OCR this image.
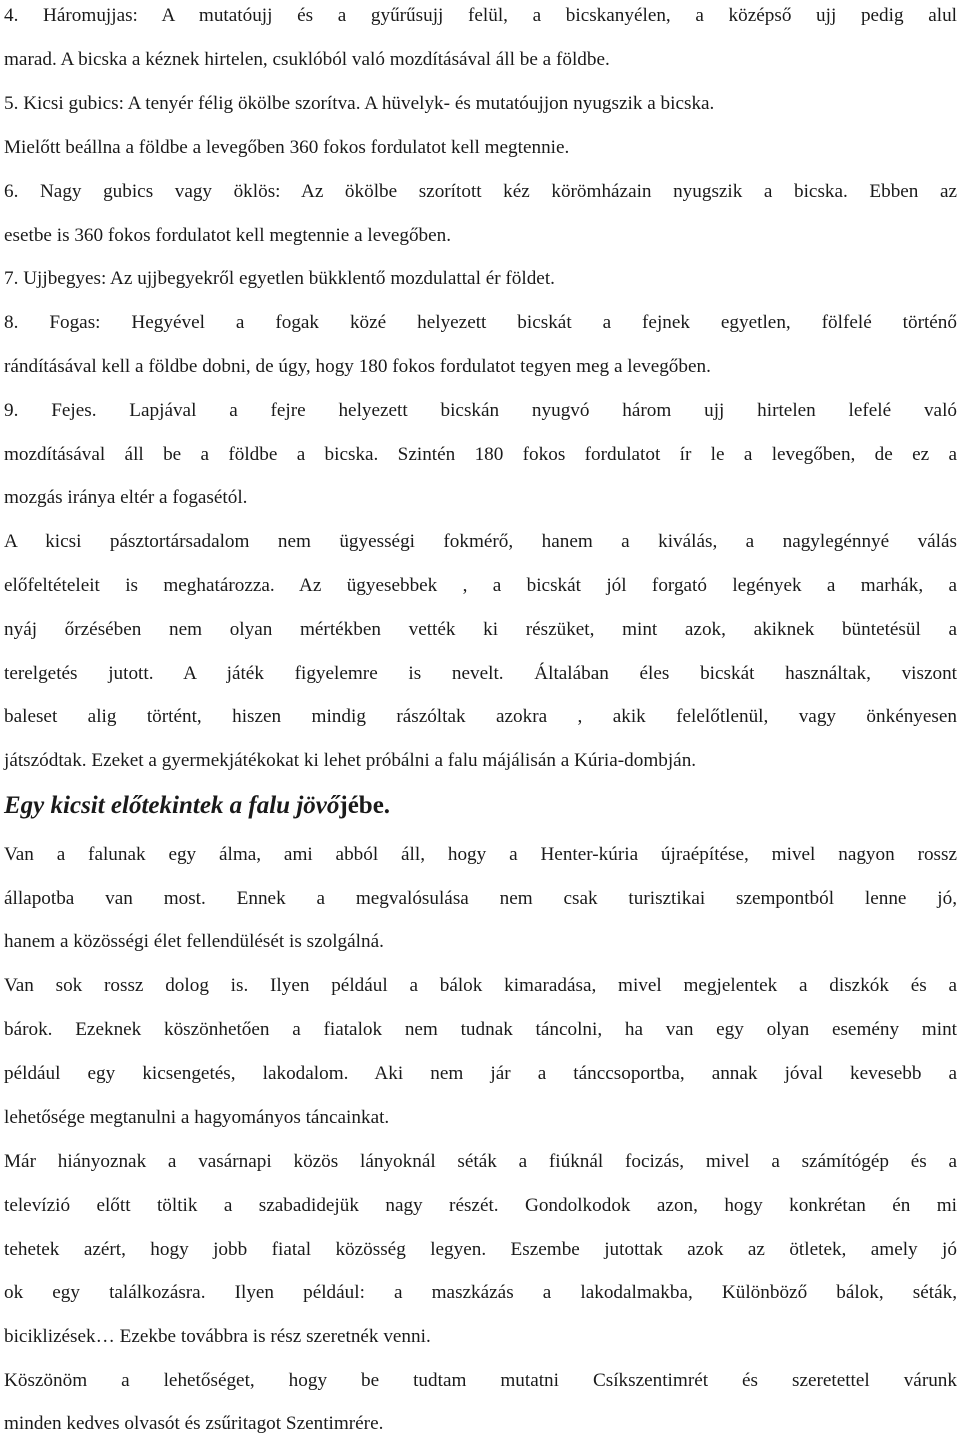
4. Háromujjas: A mutatóujj és a gyűrűsujj felül, a bicskanyélen, a középső ujj pedig alul
marad. A bicska a kéznek hirtelen, csuklóból való mozdításával áll be a földbe.
5. Kicsi gubics: A tenyér félig ökölbe szorítva. A hüvelyk- és mutatóujjon nyugszik a bicska.
Mielőtt beállna a földbe a levegőben 360 fokos fordulatot kell megtennie.
6. Nagy gubics vagy öklös: Az ökölbe szorított kéz körömházain nyugszik a bicska. Ebben az
esetbe is 360 fokos fordulatot kell megtennie a levegőben.
7. Ujjbegyes: Az ujjbegyekről egyetlen bükklentő mozdulattal ér földet.
8. Fogas: Hegyével a fogak közé helyezett bicskát a fejnek egyetlen, fölfelé történő
rándításával kell a földbe dobni, de úgy, hogy 180 fokos fordulatot tegyen meg a levegőben.
9. Fejes. Lapjával a fejre helyezett bicskán nyugvó három ujj hirtelen lefelé való
mozdításával áll be a földbe a bicska. Szintén 180 fokos fordulatot ír le a levegőben, de ez a
mozgás iránya eltér a fogasétól.
A kicsi pásztortársadalom nem ügyességi fokmérő, hanem a kiválás, a nagylegénnyé válás
előfeltételeit is meghatározza. Az ügyesebbek , a bicskát jól forgató legények a marhák, a
nyáj őrzésében nem olyan mértékben vették ki részüket, mint azok, akiknek büntetésül a
terelgetés jutott. A játék figyelemre is nevelt. Általában éles bicskát használtak, viszont
baleset alig történt, hiszen mindig rászóltak azokra , akik felelőtlenül, vagy önkényesen
játszódtak. Ezeket a gyermekjátékokat ki lehet próbálni a falu májálisán a Kúria-dombján.
Egy kicsit előtekintek a falu jövőjébe.
Van a falunak egy álma, ami abból áll, hogy a Henter-kúria újraépítése, mivel nagyon rossz
állapotba van most. Ennek a megvalósulása nem csak turisztikai szempontból lenne jó,
hanem a közösségi élet fellendülését is szolgálná.
Van sok rossz dolog is. Ilyen például a bálok kimaradása, mivel megjelentek a diszkók és a
bárok. Ezeknek köszönhetően a fiatalok nem tudnak táncolni, ha van egy olyan esemény mint
például egy kicsengetés, lakodalom. Aki nem jár a tánccsoportba, annak jóval kevesebb a
lehetősége megtanulni a hagyományos táncainkat.
Már hiányoznak a vasárnapi közös lányoknál séták a fiúknál focizás, mivel a számítógép és a
televízió előtt töltik a szabadidejük nagy részét. Gondolkodok azon, hogy konkrétan én mi
tehetek azért, hogy jobb fiatal közösség legyen. Eszembe jutottak azok az ötletek, amely jó
ok egy találkozásra. Ilyen például: a maszkázás a lakodalmakba, Különböző bálok, séták,
biciklizések… Ezekbe továbbra is rész szeretnék venni.
Köszönöm a lehetőséget, hogy be tudtam mutatni Csíkszentimrét és szeretettel várunk
minden kedves olvasót és zsűritagot Szentimrére.
